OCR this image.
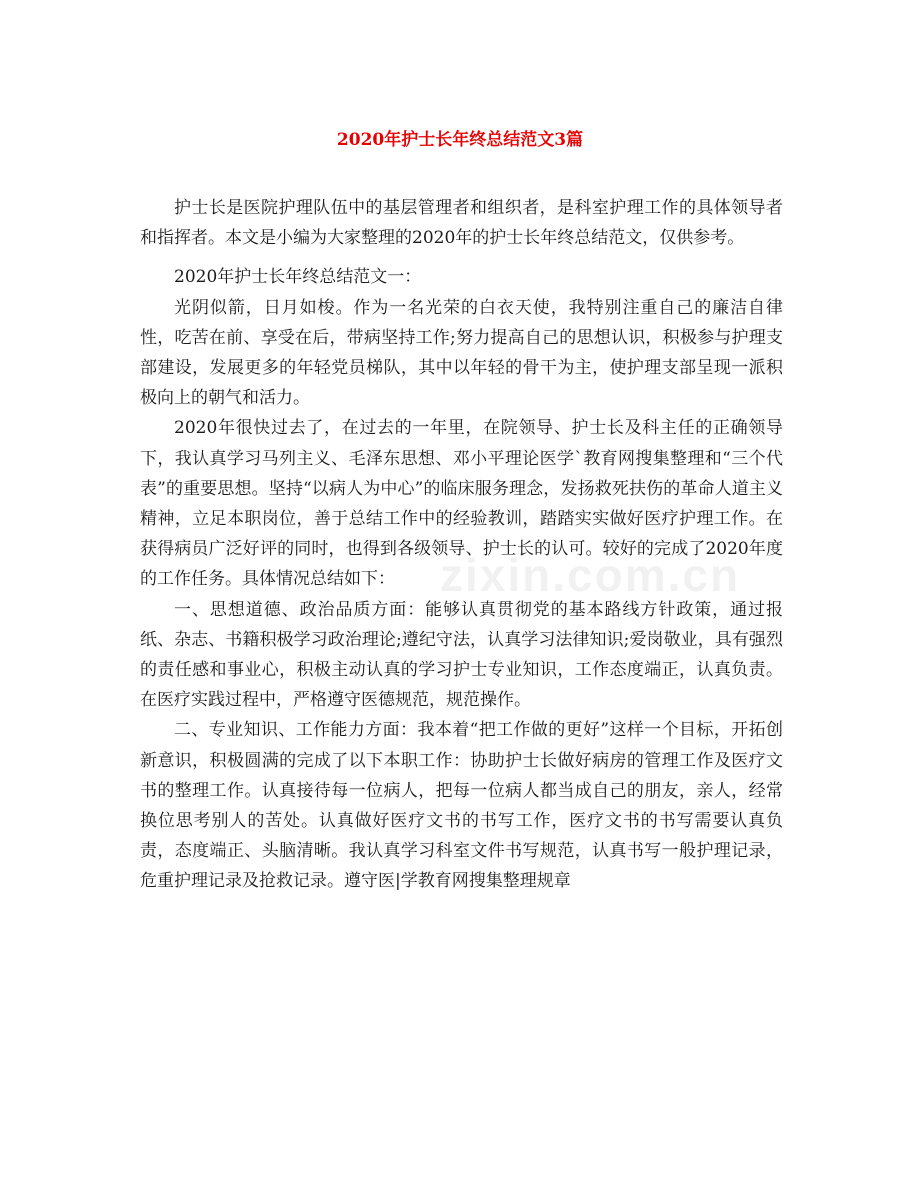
zixin.com.cn
2020年护士长年终总结范文3篇

护士长是医院护理队伍中的基层管理者和组织者，是科室护理工作的具体领导者和指挥者。本文是小编为大家整理的2020年的护士长年终总结范文，仅供参考。

2020年护士长年终总结范文一：

光阴似箭，日月如梭。作为一名光荣的白衣天使，我特别注重自己的廉洁自律性，吃苦在前、享受在后，带病坚持工作;努力提高自己的思想认识，积极参与护理支部建设，发展更多的年轻党员梯队，其中以年轻的骨干为主，使护理支部呈现一派积极向上的朝气和活力。

2020年很快过去了，在过去的一年里，在院领导、护士长及科主任的正确领导下，我认真学习马列主义、毛泽东思想、邓小平理论医学`教育网搜集整理和“三个代表”的重要思想。坚持“以病人为中心”的临床服务理念，发扬救死扶伤的革命人道主义精神，立足本职岗位，善于总结工作中的经验教训，踏踏实实做好医疗护理工作。在获得病员广泛好评的同时，也得到各级领导、护士长的认可。较好的完成了2020年度的工作任务。具体情况总结如下：

一、思想道德、政治品质方面：能够认真贯彻党的基本路线方针政策，通过报纸、杂志、书籍积极学习政治理论;遵纪守法，认真学习法律知识;爱岗敬业，具有强烈的责任感和事业心，积极主动认真的学习护士专业知识，工作态度端正，认真负责。在医疗实践过程中，严格遵守医德规范，规范操作。

二、专业知识、工作能力方面：我本着“把工作做的更好”这样一个目标，开拓创新意识，积极圆满的完成了以下本职工作：协助护士长做好病房的管理工作及医疗文书的整理工作。认真接待每一位病人，把每一位病人都当成自己的朋友，亲人，经常换位思考别人的苦处。认真做好医疗文书的书写工作，医疗文书的书写需要认真负责，态度端正、头脑清晰。我认真学习科室文件书写规范，认真书写一般护理记录，危重护理记录及抢救记录。遵守医|学教育网搜集整理规章
